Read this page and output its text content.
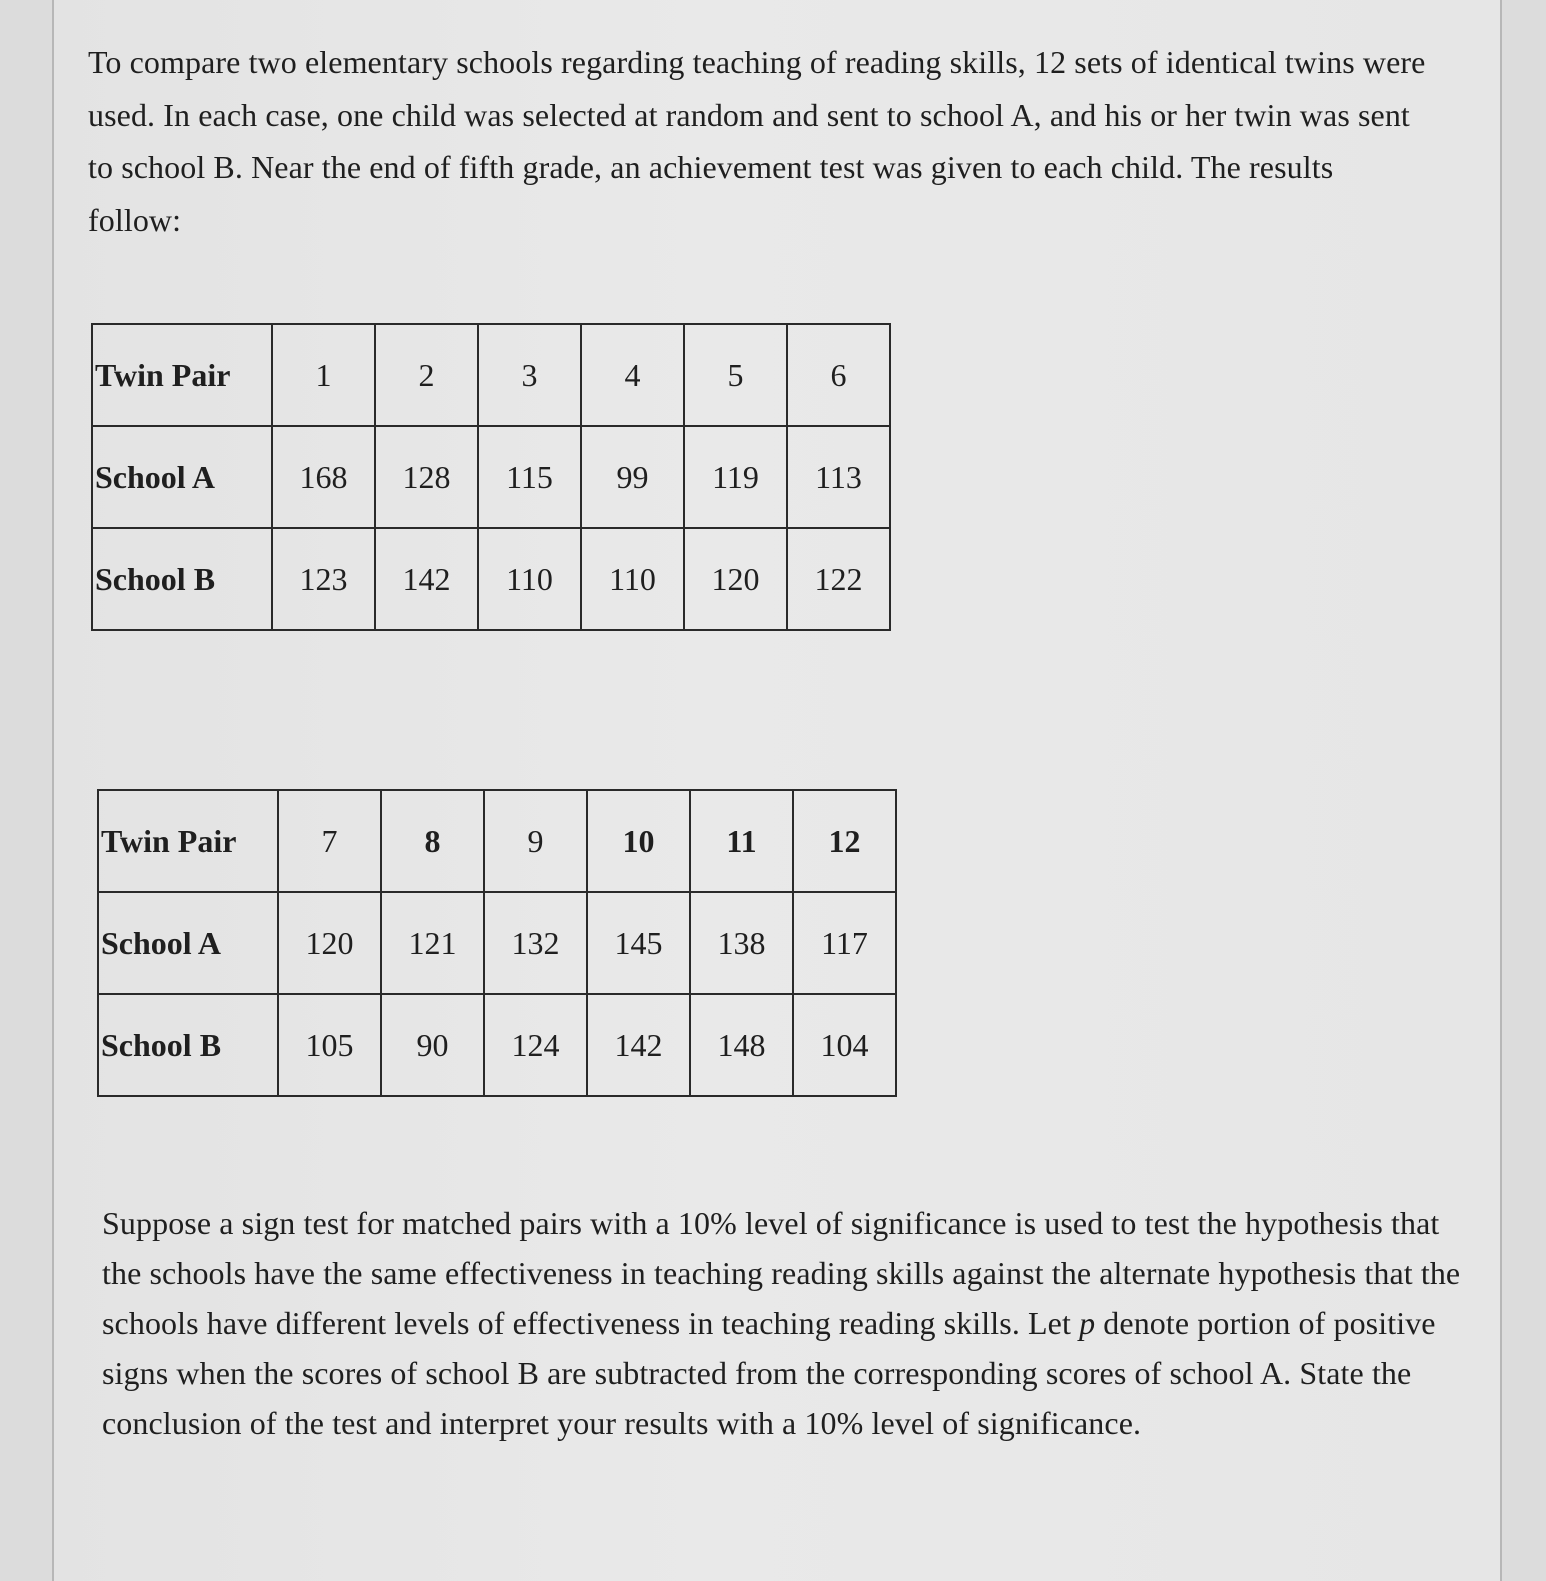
To compare two elementary schools regarding teaching of reading skills, 12 sets of identical twins were used. In each case, one child was selected at random and sent to school A, and his or her twin was sent to school B. Near the end of fifth grade, an achievement test was given to each child. The results follow:

Twin Pair	1	2	3	4	5	6
School A	168	128	115	99	119	113
School B	123	142	110	110	120	122
Twin Pair	7	8	9	10	11	12
School A	120	121	132	145	138	117
School B	105	90	124	142	148	104

Suppose a sign test for matched pairs with a 10% level of significance is used to test the hypothesis that the schools have the same effectiveness in teaching reading skills against the alternate hypothesis that the schools have different levels of effectiveness in teaching reading skills. Let p denote portion of positive signs when the scores of school B are subtracted from the corresponding scores of school A. State the conclusion of the test and interpret your results with a 10% level of significance.
